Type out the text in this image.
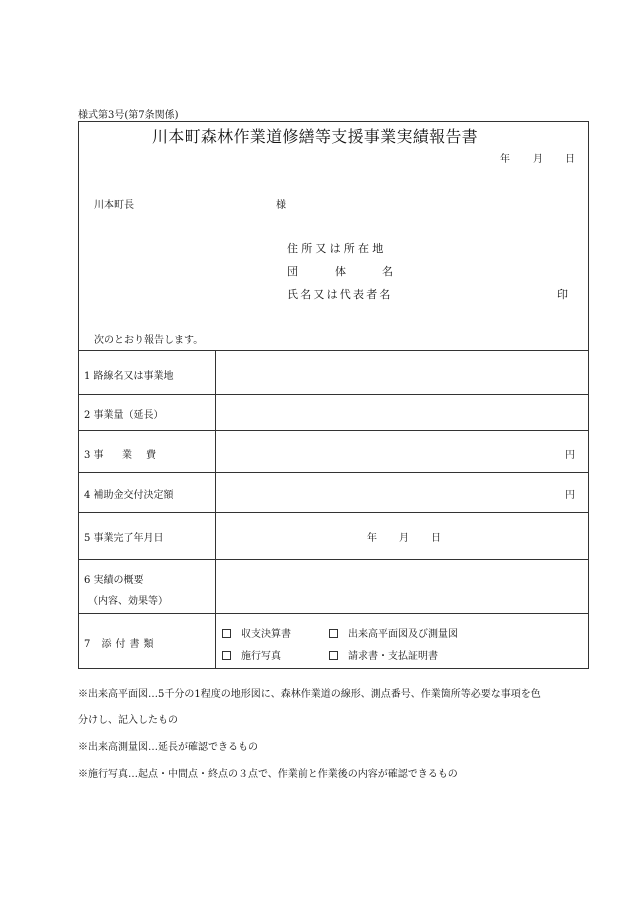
様式第3号(第7条関係)
川本町森林作業道修繕等支援事業実績報告書
年 月 日
川本町長	様
住所又は所在地
団	体	名
氏名又は代表者名	印
次のとおり報告します。
1 路線名又は事業地
2 事業量（延長）
3 事 業 費	円
4 補助金交付決定額	円
5 事業完了年月日	年 月 日
6 実績の概要
（内容、効果等）
7 添付書類
収支決算書	出来高平面図及び測量図
施行写真	請求書・支払証明書
※出来高平面図…5千分の1程度の地形図に、森林作業道の線形、測点番号、作業箇所等必要な事項を色
分けし、記入したもの
※出来高測量図…延長が確認できるもの
※施行写真…起点・中間点・終点の３点で、作業前と作業後の内容が確認できるもの
